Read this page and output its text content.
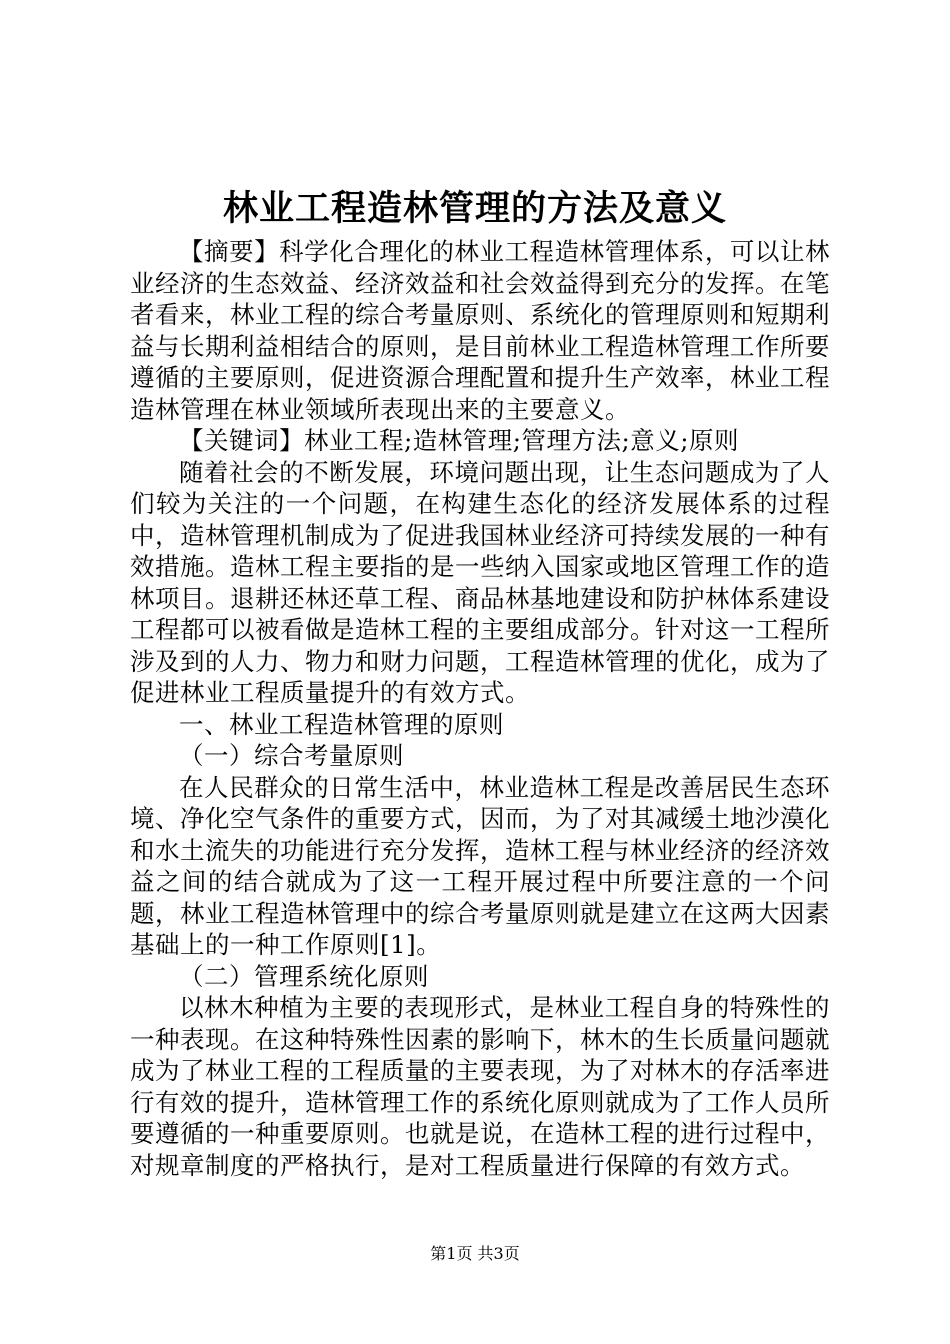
林业工程造林管理的方法及意义

【摘要】科学化合理化的林业工程造林管理体系，可以让林业经济的生态效益、经济效益和社会效益得到充分的发挥。在笔者看来，林业工程的综合考量原则、系统化的管理原则和短期利益与长期利益相结合的原则，是目前林业工程造林管理工作所要遵循的主要原则，促进资源合理配置和提升生产效率，林业工程造林管理在林业领域所表现出来的主要意义。

【关键词】林业工程;造林管理;管理方法;意义;原则

随着社会的不断发展，环境问题出现，让生态问题成为了人们较为关注的一个问题，在构建生态化的经济发展体系的过程中，造林管理机制成为了促进我国林业经济可持续发展的一种有效措施。造林工程主要指的是一些纳入国家或地区管理工作的造林项目。退耕还林还草工程、商品林基地建设和防护林体系建设工程都可以被看做是造林工程的主要组成部分。针对这一工程所涉及到的人力、物力和财力问题，工程造林管理的优化，成为了促进林业工程质量提升的有效方式。

一、林业工程造林管理的原则

（一）综合考量原则

在人民群众的日常生活中，林业造林工程是改善居民生态环境、净化空气条件的重要方式，因而，为了对其减缓土地沙漠化和水土流失的功能进行充分发挥，造林工程与林业经济的经济效益之间的结合就成为了这一工程开展过程中所要注意的一个问题，林业工程造林管理中的综合考量原则就是建立在这两大因素基础上的一种工作原则[1]。

（二）管理系统化原则

以林木种植为主要的表现形式，是林业工程自身的特殊性的一种表现。在这种特殊性因素的影响下，林木的生长质量问题就成为了林业工程的工程质量的主要表现，为了对林木的存活率进行有效的提升，造林管理工作的系统化原则就成为了工作人员所要遵循的一种重要原则。也就是说，在造林工程的进行过程中，对规章制度的严格执行，是对工程质量进行保障的有效方式。

第1页 共3页
